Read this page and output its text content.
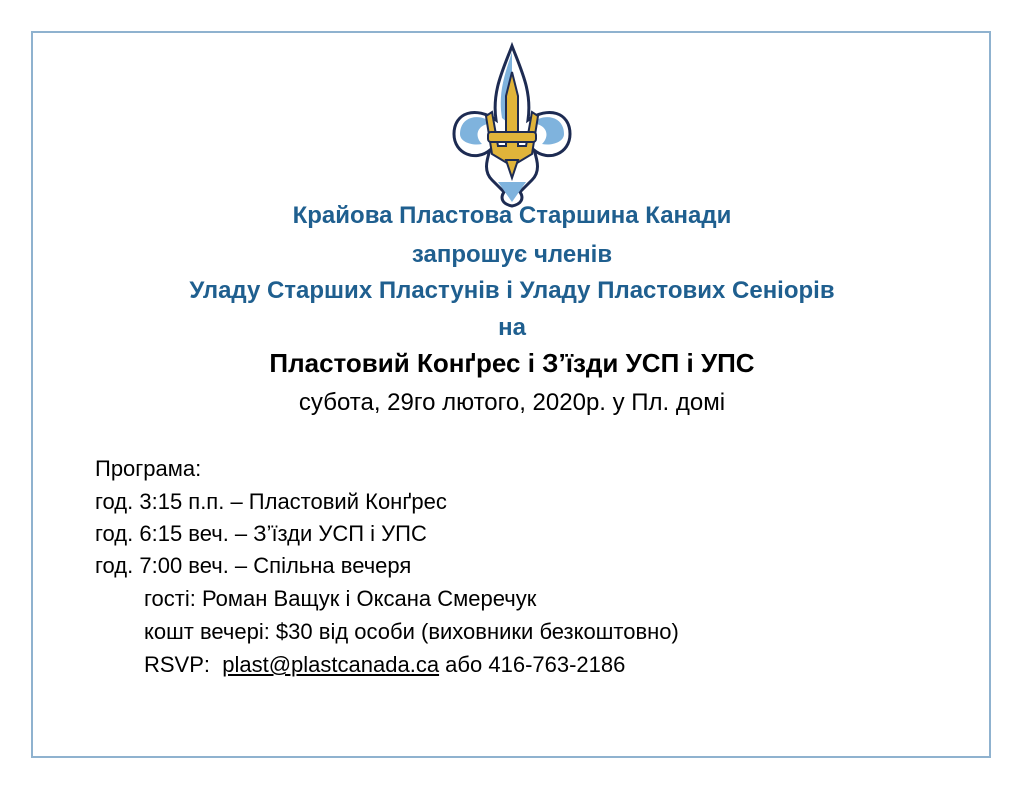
Крайова Пластова Старшина Канади
запрошує членів
Уладу Старших Пластунів і Уладу Пластових Сеніорів
на
Пластовий Конґрес і З’їзди УСП і УПС
субота, 29го лютого, 2020р. у Пл. домі
Програма:
год. 3:15 п.п. – Пластовий Конґрес
год. 6:15 веч. – З’їзди УСП і УПС
год. 7:00 веч. – Спільна вечеря
гості: Роман Ващук і Оксана Смеречук
кошт вечері: $30 від особи (виховники безкоштовно)
RSVP:  plast@plastcanada.ca або 416-763-2186
